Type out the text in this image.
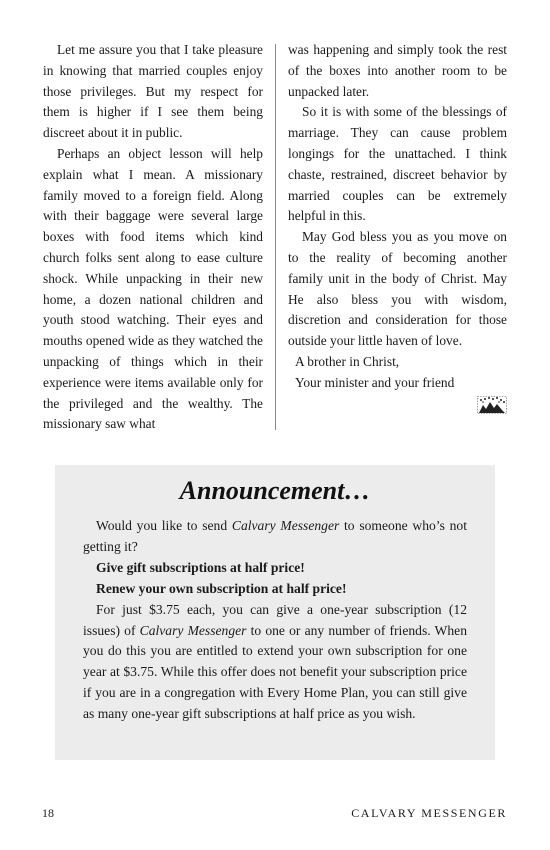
Let me assure you that I take pleasure in knowing that married couples enjoy those privileges. But my respect for them is higher if I see them being discreet about it in public.

Perhaps an object lesson will help explain what I mean. A missionary family moved to a foreign field. Along with their baggage were several large boxes with food items which kind church folks sent along to ease culture shock. While unpacking in their new home, a dozen national children and youth stood watching. Their eyes and mouths opened wide as they watched the unpacking of things which in their experience were items available only for the privileged and the wealthy. The missionary saw what

was happening and simply took the rest of the boxes into another room to be unpacked later.

So it is with some of the blessings of marriage. They can cause problem longings for the unattached. I think chaste, restrained, discreet behavior by married couples can be extremely helpful in this.

May God bless you as you move on to the reality of becoming another family unit in the body of Christ. May He also bless you with wisdom, discretion and consideration for those outside your little haven of love.

A brother in Christ,

Your minister and your friend

Announcement…

Would you like to send Calvary Messenger to someone who’s not getting it?

Give gift subscriptions at half price!

Renew your own subscription at half price!

For just $3.75 each, you can give a one-year subscription (12 issues) of Calvary Messenger to one or any number of friends. When you do this you are entitled to extend your own subscription for one year at $3.75. While this offer does not benefit your subscription price if you are in a congregation with Every Home Plan, you can still give as many one-year gift subscriptions at half price as you wish.

18	CALVARY MESSENGER
